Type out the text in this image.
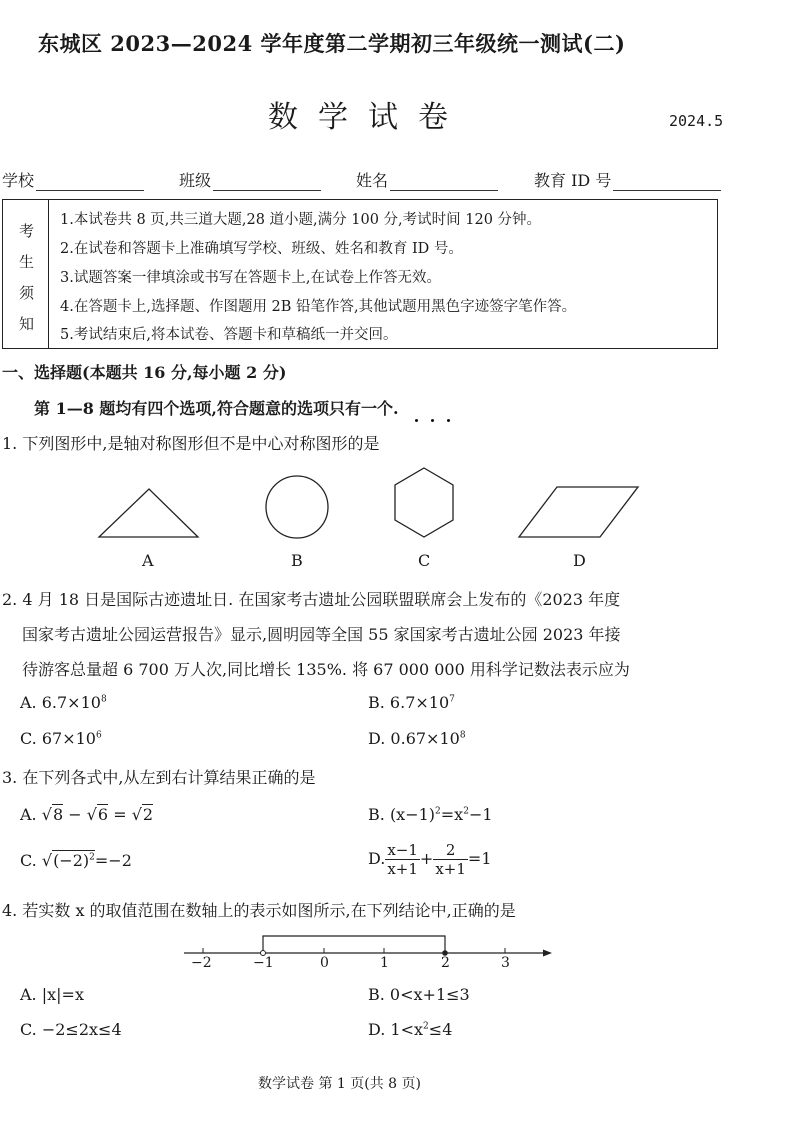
东城区 2023—2024 学年度第二学期初三年级统一测试(二)
数学试卷	2024.5
学校	班级	姓名	教育 ID 号
考
生
须
知
1.本试卷共 8 页,共三道大题,28 道小题,满分 100 分,考试时间 120 分钟。
2.在试卷和答题卡上准确填写学校、班级、姓名和教育 ID 号。
3.试题答案一律填涂或书写在答题卡上,在试卷上作答无效。
4.在答题卡上,选择题、作图题用 2B 铅笔作答,其他试题用黑色字迹签字笔作答。
5.考试结束后,将本试卷、答题卡和草稿纸一并交回。
一、选择题(本题共 16 分,每小题 2 分)
第 1—8 题均有四个选项,符合题意的选项只有一个.
1. 下列图形中,是轴对称图形但不是中心对称图形的是
A	B	C	D
2. 4 月 18 日是国际古迹遗址日. 在国家考古遗址公园联盟联席会上发布的《2023 年度
国家考古遗址公园运营报告》显示,圆明园等全国 55 家国家考古遗址公园 2023 年接
待游客总量超 6 700 万人次,同比增长 135%. 将 67 000 000 用科学记数法表示应为
A. $6.7\times 10^8$	B. $6.7\times 10^7$
C. $67\times 10^6$	D. $0.67\times 10^8$
3. 在下列各式中,从左到右计算结果正确的是
A. √8 − √6 = √2	B. $(x-1)^2=x^2-1$
C. $√(-2)^2=-2$	D. $\frac{x-1}{x+1} + \frac{2}{x+1} =1$
4. 若实数 x 的取值范围在数轴上的表示如图所示,在下列结论中,正确的是
−2	−1	0	1	2	3
A. |x|=x	B. 0<x+1≤3
C. −2≤2x≤4	D. $1<x^2\le 4$
数学试卷 第 1 页(共 8 页)
